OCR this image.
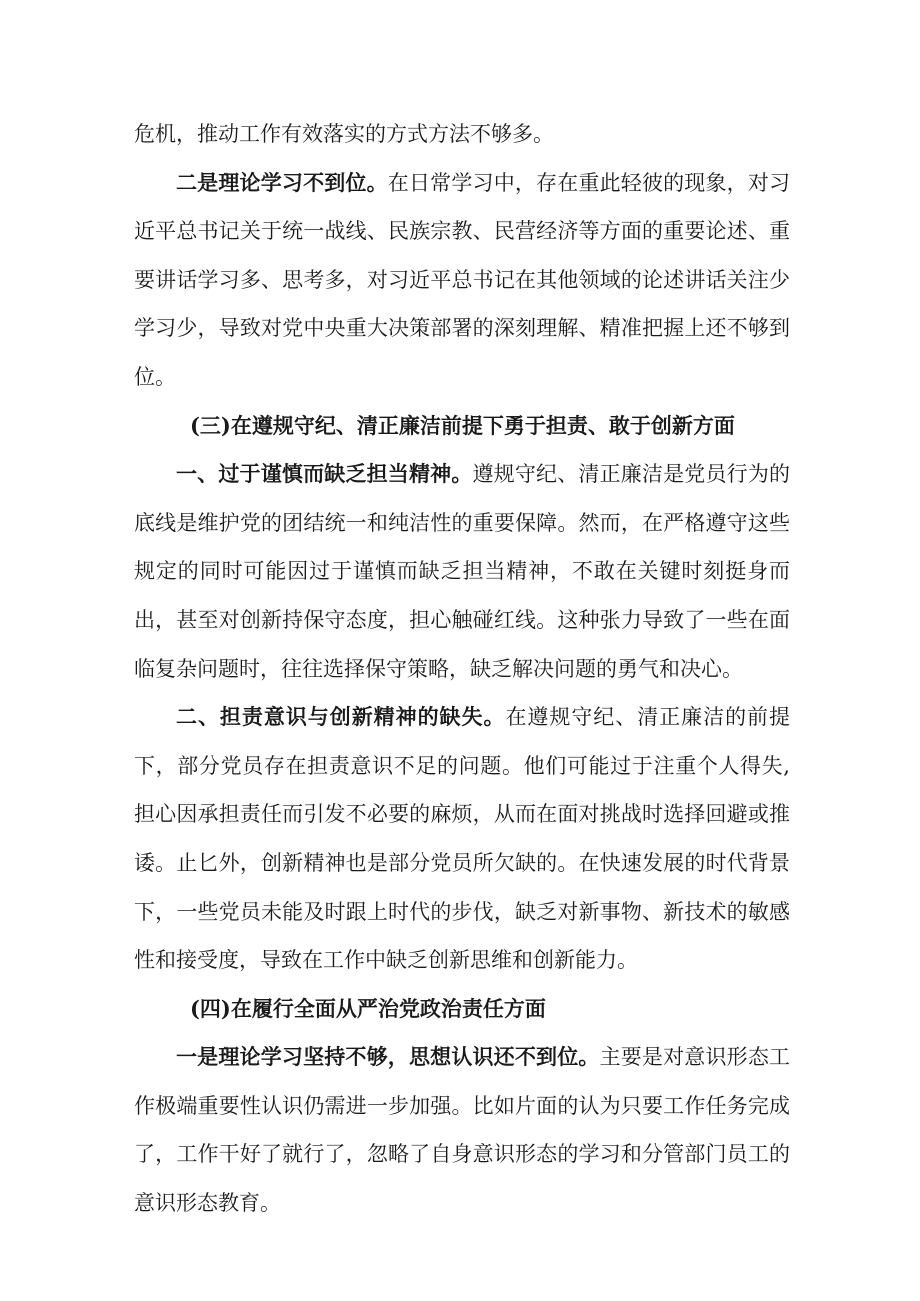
危机，推动工作有效落实的方式方法不够多。

二是理论学习不到位。在日常学习中，存在重此轻彼的现象，对习近平总书记关于统一战线、民族宗教、民营经济等方面的重要论述、重要讲话学习多、思考多，对习近平总书记在其他领域的论述讲话关注少学习少，导致对党中央重大决策部署的深刻理解、精准把握上还不够到位。

(三)在遵规守纪、清正廉洁前提下勇于担责、敢于创新方面

一、过于谨慎而缺乏担当精神。遵规守纪、清正廉洁是党员行为的底线是维护党的团结统一和纯洁性的重要保障。然而，在严格遵守这些规定的同时可能因过于谨慎而缺乏担当精神，不敢在关键时刻挺身而出，甚至对创新持保守态度，担心触碰红线。这种张力导致了一些在面临复杂问题时，往往选择保守策略，缺乏解决问题的勇气和决心。

二、担责意识与创新精神的缺失。在遵规守纪、清正廉洁的前提下，部分党员存在担责意识不足的问题。他们可能过于注重个人得失,担心因承担责任而引发不必要的麻烦，从而在面对挑战时选择回避或推诿。止匕外，创新精神也是部分党员所欠缺的。在快速发展的时代背景下，一些党员未能及时跟上时代的步伐，缺乏对新事物、新技术的敏感性和接受度，导致在工作中缺乏创新思维和创新能力。

(四)在履行全面从严治党政治责任方面

一是理论学习坚持不够，思想认识还不到位。主要是对意识形态工作极端重要性认识仍需进一步加强。比如片面的认为只要工作任务完成了，工作干好了就行了，忽略了自身意识形态的学习和分管部门员工的意识形态教育。
